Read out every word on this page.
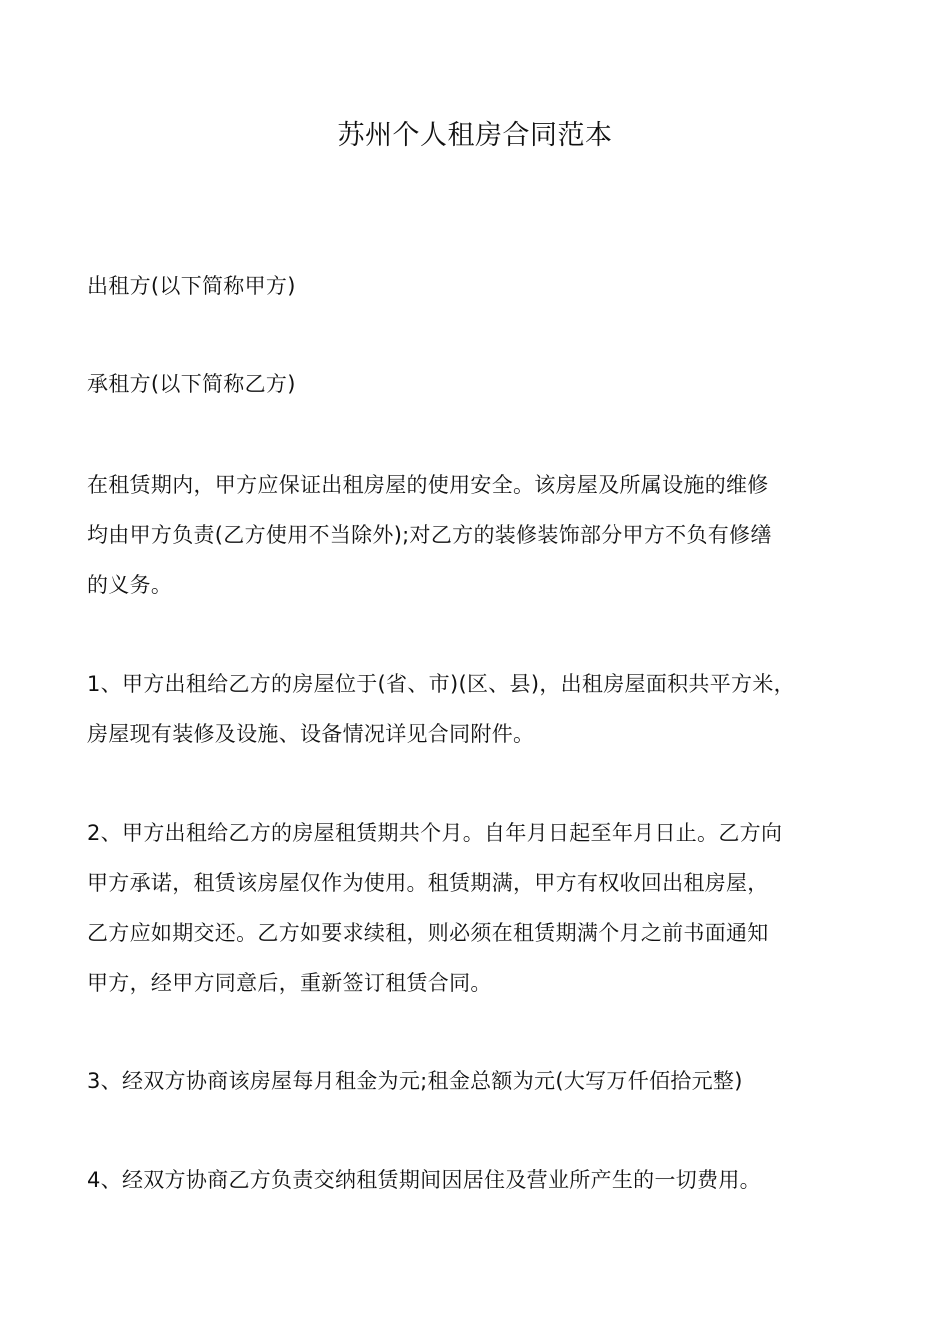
苏州个人租房合同范本
出租方(以下简称甲方)
承租方(以下简称乙方)
在租赁期内，甲方应保证出租房屋的使用安全。该房屋及所属设施的维修
均由甲方负责(乙方使用不当除外);对乙方的装修装饰部分甲方不负有修缮
的义务。
1、甲方出租给乙方的房屋位于(省、市)(区、县)，出租房屋面积共平方米，
房屋现有装修及设施、设备情况详见合同附件。
2、甲方出租给乙方的房屋租赁期共个月。自年月日起至年月日止。乙方向
甲方承诺，租赁该房屋仅作为使用。租赁期满，甲方有权收回出租房屋，
乙方应如期交还。乙方如要求续租，则必须在租赁期满个月之前书面通知
甲方，经甲方同意后，重新签订租赁合同。
3、经双方协商该房屋每月租金为元;租金总额为元(大写万仟佰拾元整)
4、经双方协商乙方负责交纳租赁期间因居住及营业所产生的一切费用。
